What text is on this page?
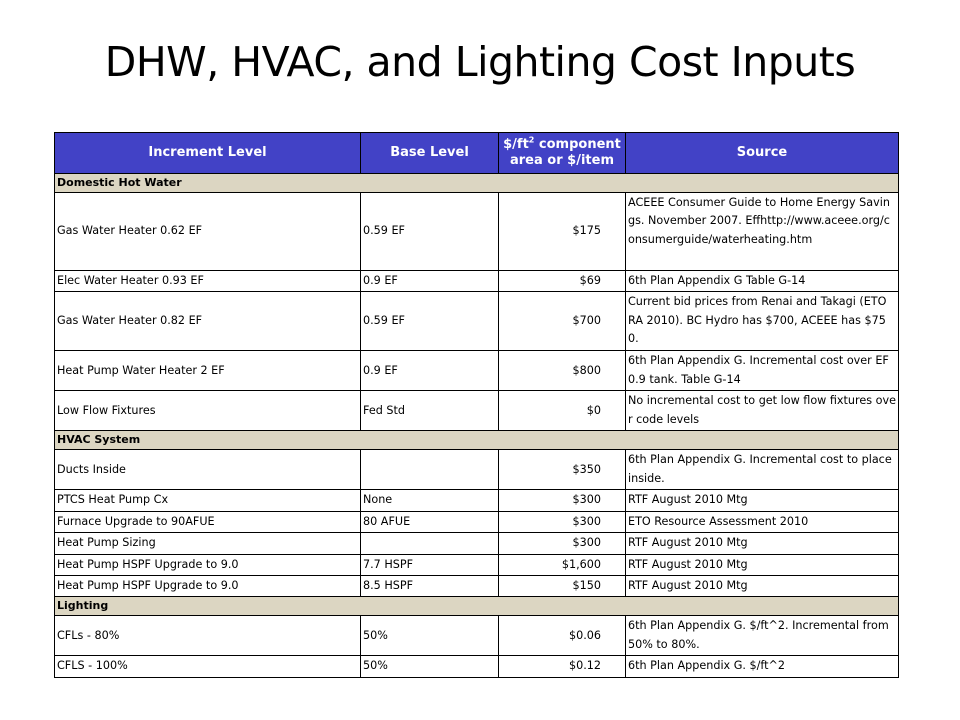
DHW, HVAC, and Lighting Cost Inputs
Increment Level	Base Level	$\$/ft^2$ component area or $/item	Source
Domestic Hot Water			
Gas Water Heater 0.62 EF	0.59 EF	$175	ACEEE Consumer Guide to Home Energy Savings. November 2007. Effhttp://www.aceee.org/consumerguide/waterheating.htm
Elec Water Heater 0.93 EF	0.9 EF	$69	6th Plan Appendix G Table G-14
Gas Water Heater 0.82 EF	0.59 EF	$700	Current bid prices from Renai and Takagi (ETO RA 2010). BC Hydro has $700, ACEEE has $750.
Heat Pump Water Heater 2 EF	0.9 EF	$800	6th Plan Appendix G. Incremental cost over EF 0.9 tank. Table G-14
Low Flow Fixtures	Fed Std	$0	No incremental cost to get low flow fixtures over code levels
HVAC System			
Ducts Inside		$350	6th Plan Appendix G. Incremental cost to place inside.
PTCS Heat Pump Cx	None	$300	RTF August 2010 Mtg
Furnace Upgrade to 90AFUE	80 AFUE	$300	ETO Resource Assessment 2010
Heat Pump Sizing		$300	RTF August 2010 Mtg
Heat Pump HSPF Upgrade to 9.0	7.7 HSPF	$1,600	RTF August 2010 Mtg
Heat Pump HSPF Upgrade to 9.0	8.5 HSPF	$150	RTF August 2010 Mtg
Lighting			
CFLs - 80%	50%	$0.06	6th Plan Appendix G. $/ft^2. Incremental from 50% to 80%.
CFLS - 100%	50%	$0.12	6th Plan Appendix G. $/ft^2
